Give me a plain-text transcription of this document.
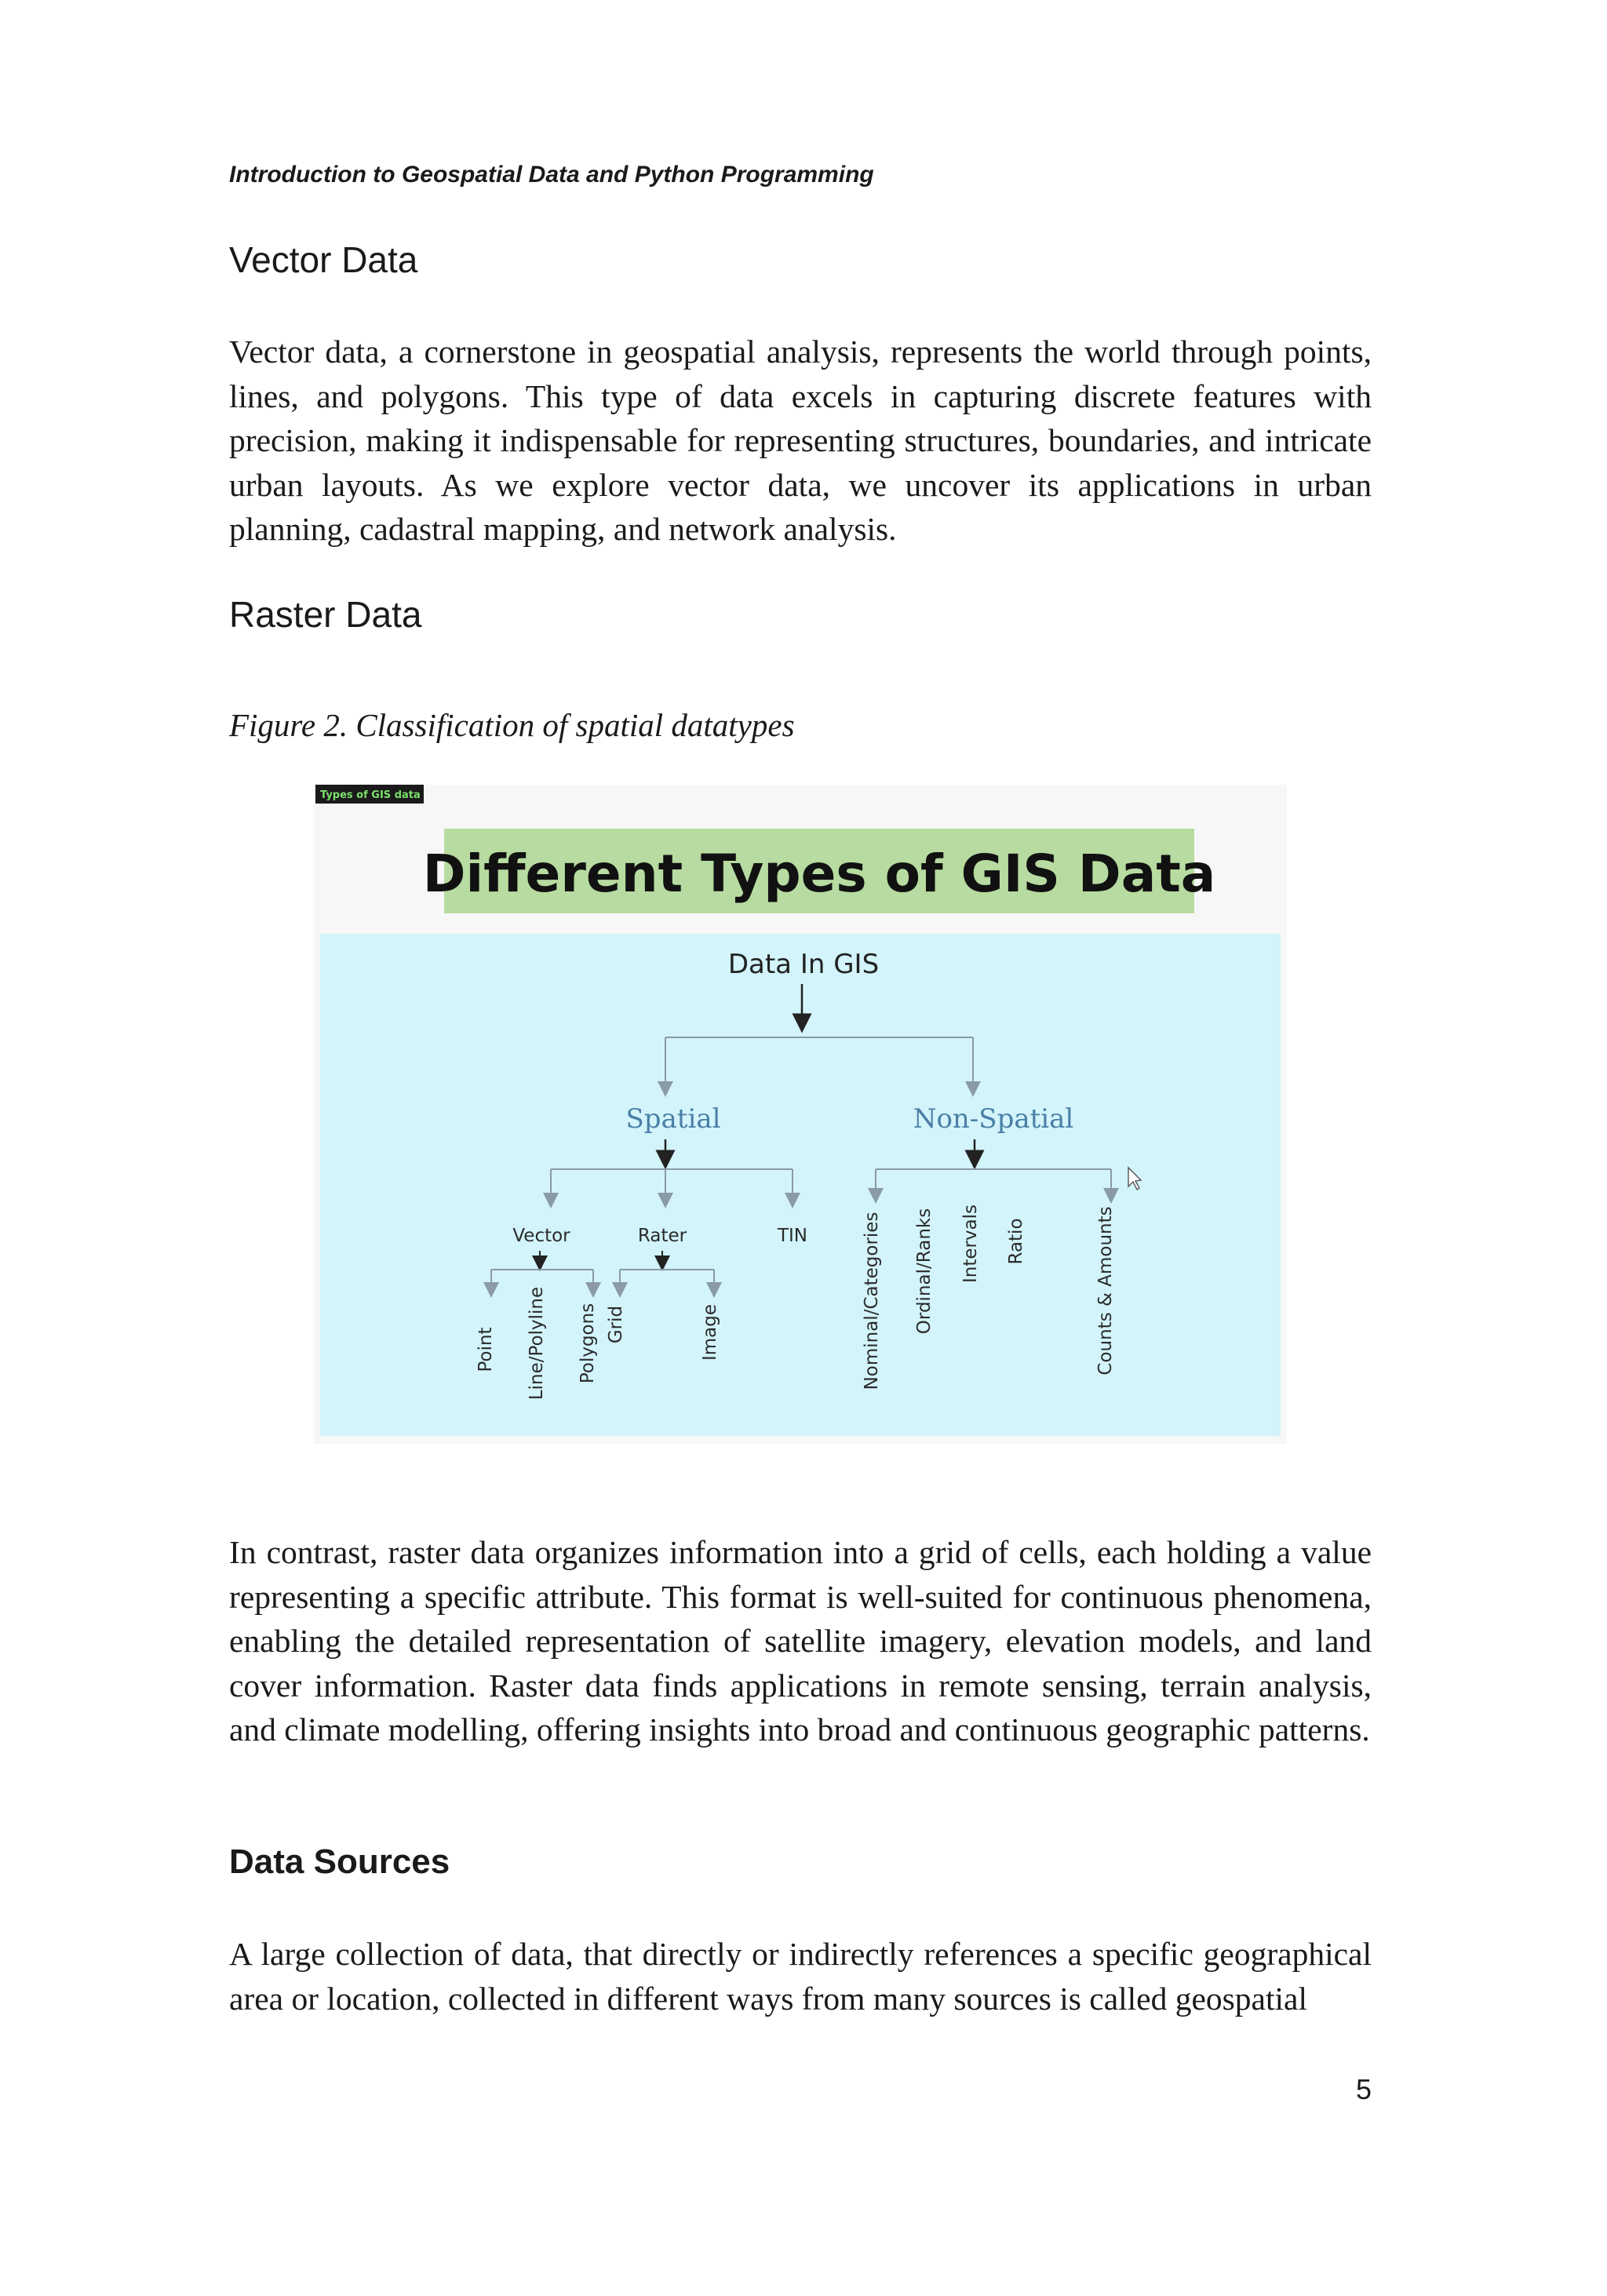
Introduction to Geospatial Data and Python Programming

Vector Data

Vector data, a cornerstone in geospatial analysis, represents the world through points, lines, and polygons. This type of data excels in capturing discrete features with precision, making it indispensable for representing structures, boundaries, and intricate urban layouts. As we explore vector data, we uncover its applications in urban planning, cadastral mapping, and network analysis.

Raster Data

Figure 2. Classification of spatial datatypes

Types of GIS data
Different Types of GIS Data
Data In GIS
Spatial	Non-Spatial
Vector	Rater	TIN
Point Line/Polyline Polygons Grid	Image	Nominal/Categories Ordinal/Ranks Intervals Ratio	Counts & Amounts

In contrast, raster data organizes information into a grid of cells, each holding a value representing a specific attribute. This format is well-suited for continuous phenomena, enabling the detailed representation of satellite imagery, elevation models, and land cover information. Raster data finds applications in remote sensing, terrain analysis, and climate modelling, offering insights into broad and continuous geographic patterns.

Data Sources

A large collection of data, that directly or indirectly references a specific geographical area or location, collected in different ways from many sources is called geospatial

5
